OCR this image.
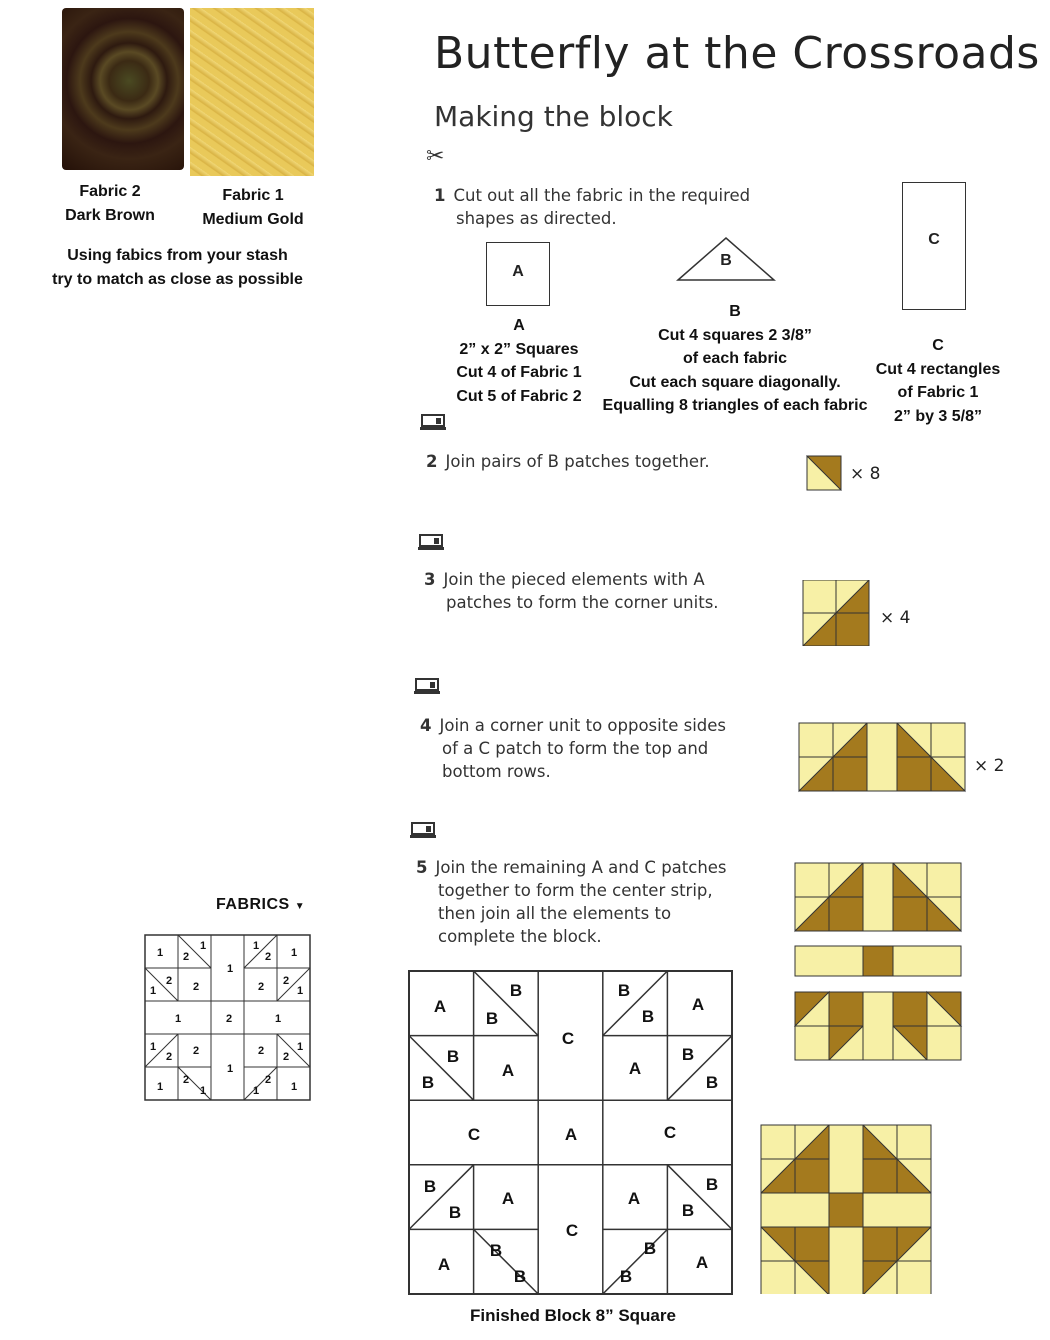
Fabric 2
Dark Brown
Fabric 1
Medium Gold
Using fabics from your stash
try to match as close as possible
Butterfly at the Crossroads
Making the block
✂
1 Cut out all the fabric in the required
shapes as directed.
A
A
2” x 2” Squares
Cut 4 of Fabric 1
Cut 5 of Fabric 2
B
B
Cut 4 squares 2 3/8”
of each fabric
Cut each square diagonally.
Equalling 8 triangles of each fabric
C
C
Cut 4 rectangles
of Fabric 1
2” by 3 5/8”
2 Join pairs of B patches together.
× 8
3 Join the pieced elements with A
patches to form the corner units.
× 4
4 Join a corner unit to opposite sides
of a C patch to form the top and
bottom rows.	× 2
5 Join the remaining A and C patches
together to form the center strip,
then join all the elements to
complete the block.
A
B
B
C
B
B
A
B
B
A	A
B
B
C	A	C
B
B
A
C
A
B
B
A
B
B	B
B
A
Finished Block 8” Square
FABRICS ▼
1 2
1
1
1
2 1
2
1	2	2 2
1
1	2	1
1
2 2
1
2 2
1
1
2
1	1
2
1
